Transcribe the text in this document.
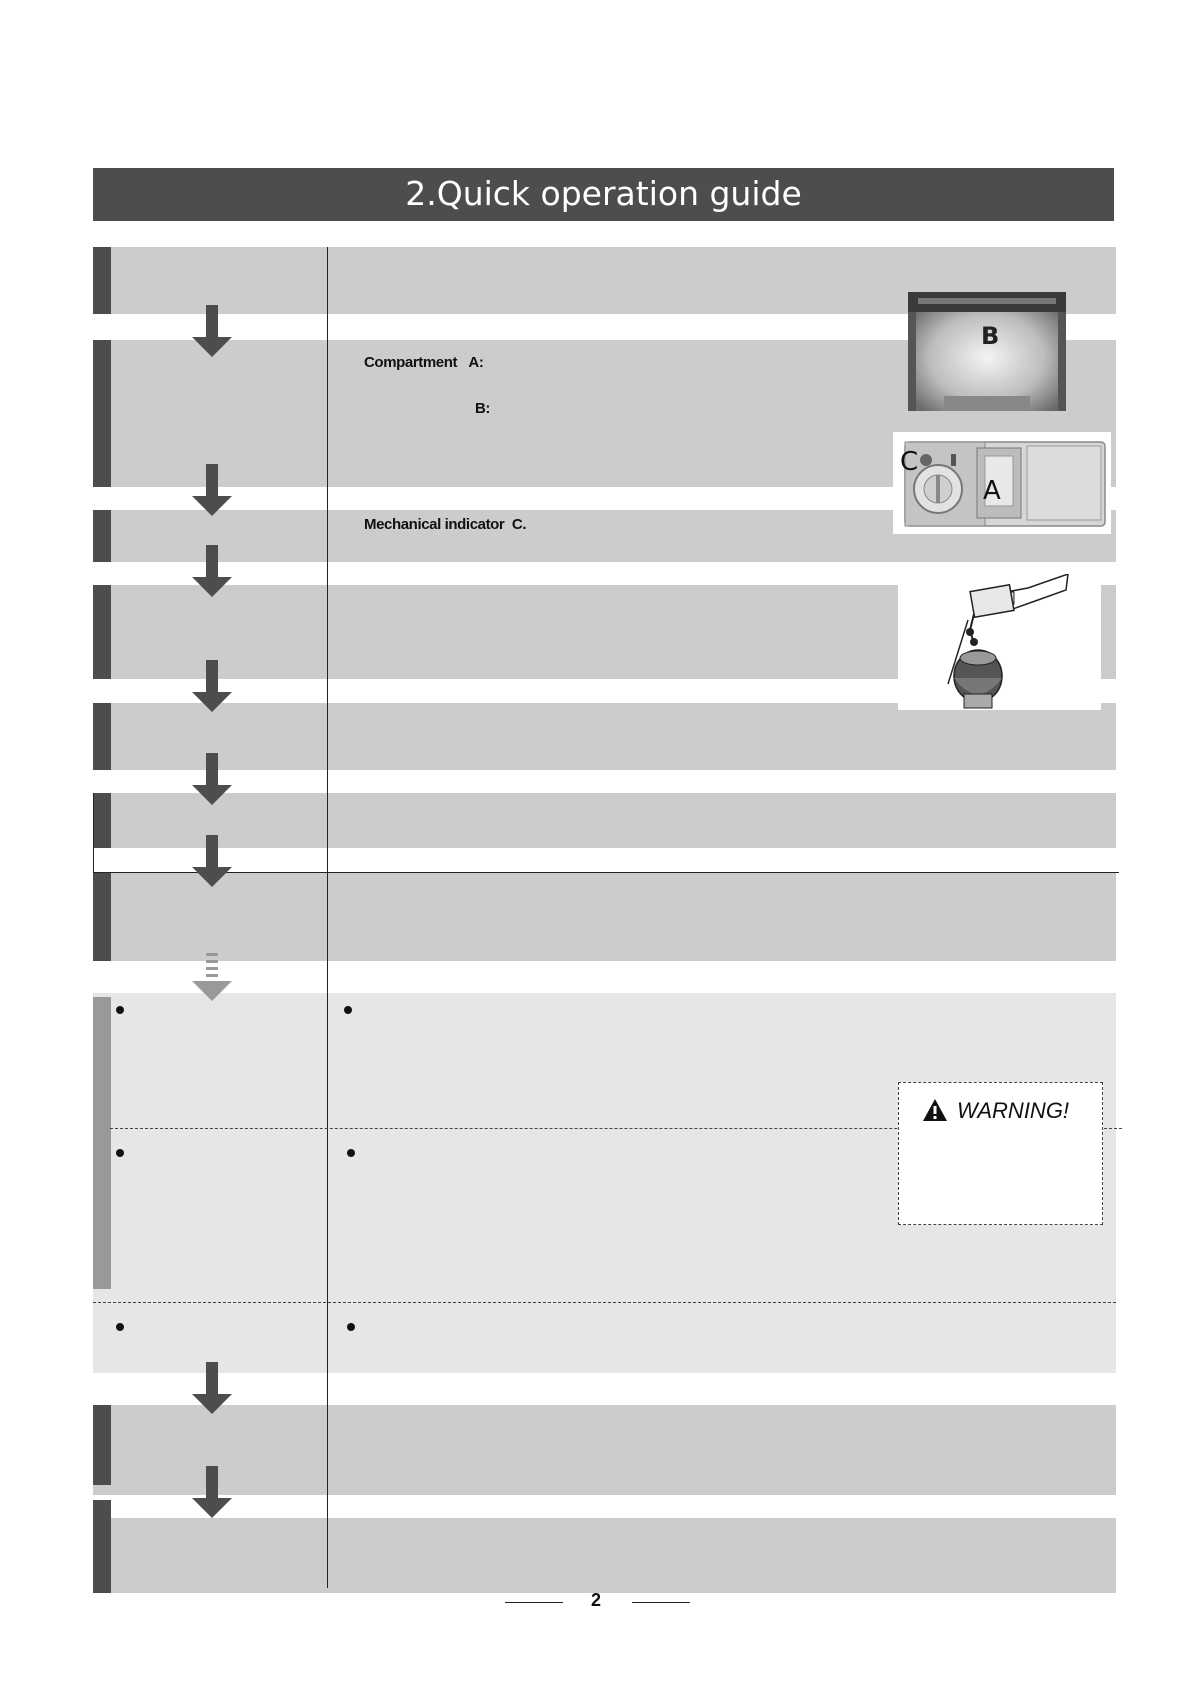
2.Quick operation guide
Compartment A:
B:
Mechanical indicator C.
B
C
A
WARNING!
2
